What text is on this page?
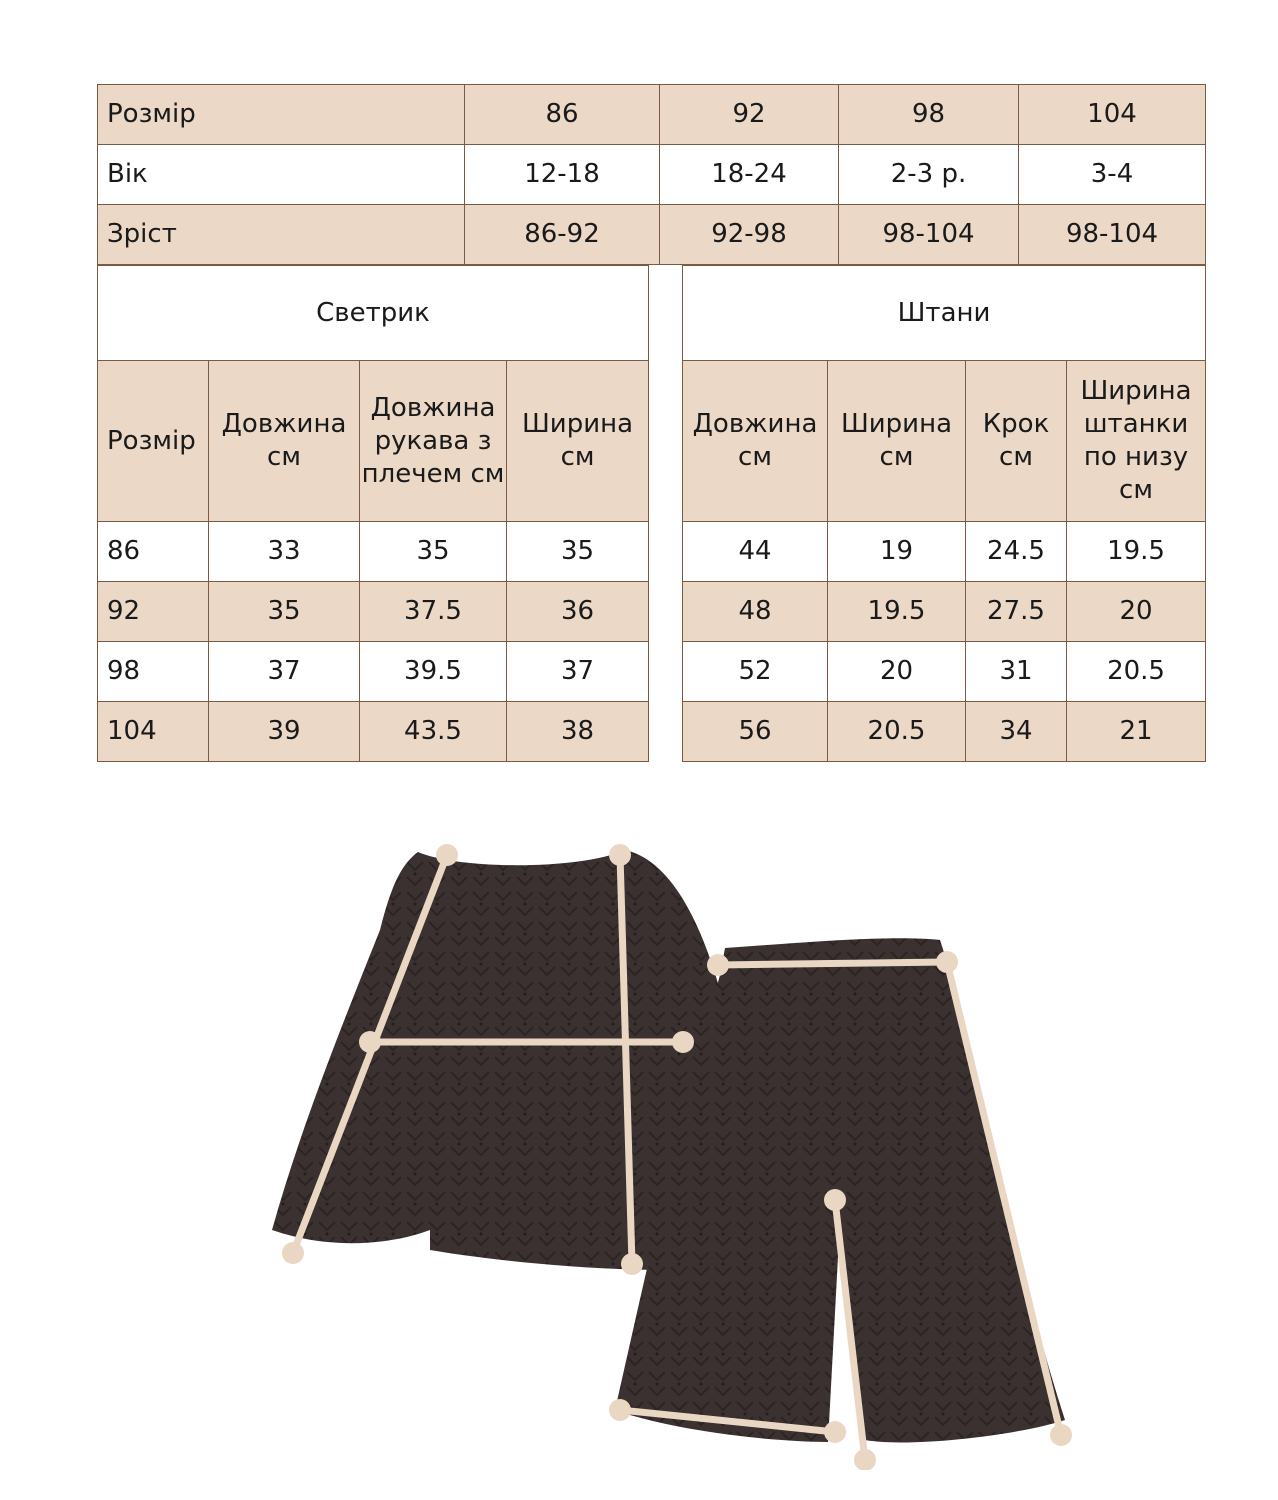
Розмір	86	92	98	104
Вік	12-18	18-24	2-3 р.	3-4
Зріст	86-92	92-98	98-104	98-104
Светрик			
Розмір	Довжина см	Довжина рукава з плечем см	Ширина см
86	33	35	35
92	35	37.5	36
98	37	39.5	37
104	39	43.5	38
Штани			
Довжина см	Ширина см	Крок см	Ширина штанки по низу см
44	19	24.5	19.5
48	19.5	27.5	20
52	20	31	20.5
56	20.5	34	21
